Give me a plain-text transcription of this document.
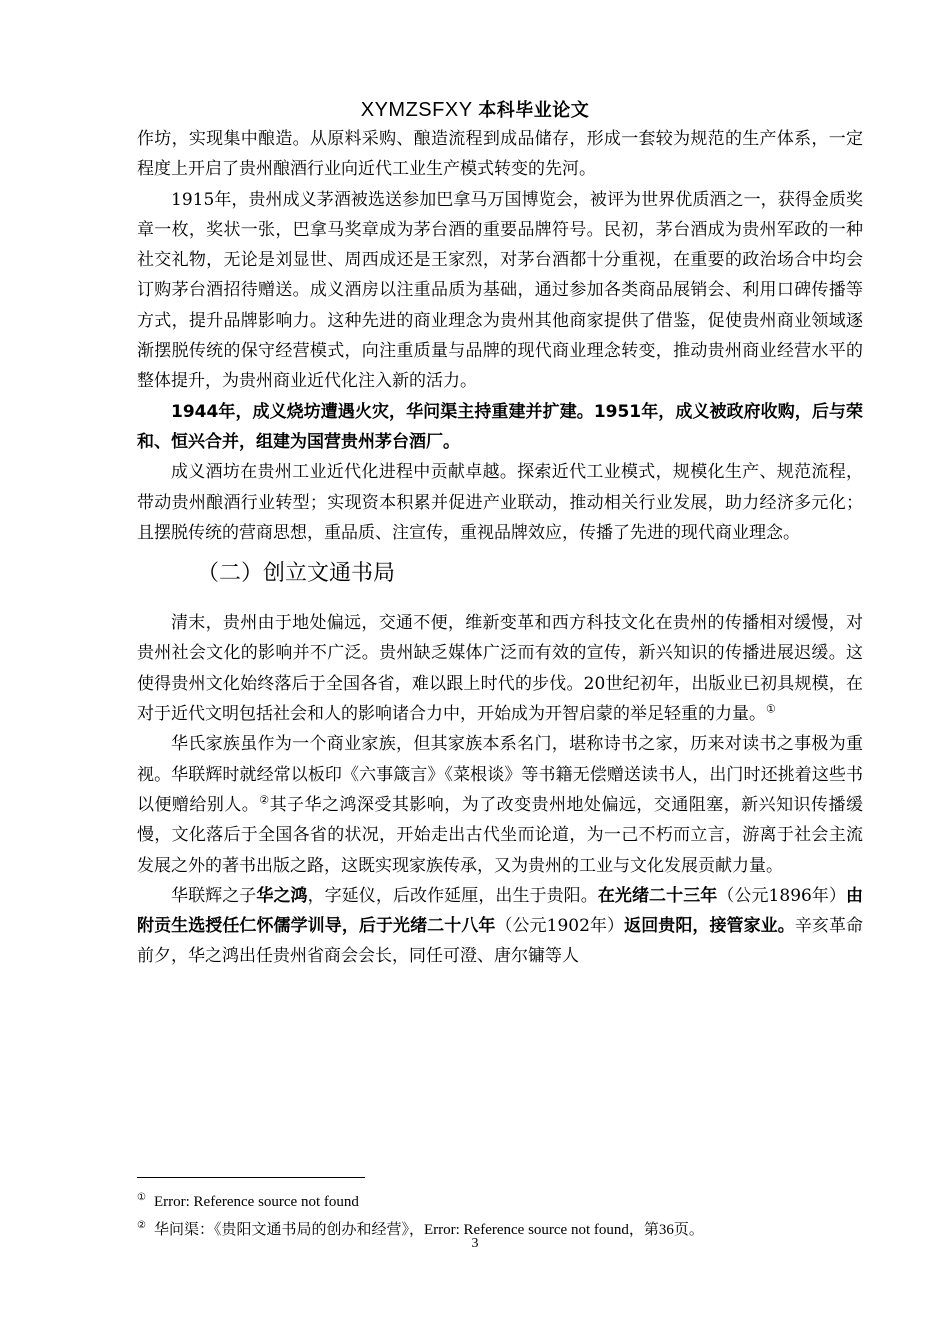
XYMZSFXY 本科毕业论文

作坊，实现集中酿造。从原料采购、酿造流程到成品储存，形成一套较为规范的生产体系，一定程度上开启了贵州酿酒行业向近代工业生产模式转变的先河。

1915年，贵州成义茅酒被选送参加巴拿马万国博览会，被评为世界优质酒之一，获得金质奖章一枚，奖状一张，巴拿马奖章成为茅台酒的重要品牌符号。民初，茅台酒成为贵州军政的一种社交礼物，无论是刘显世、周西成还是王家烈，对茅台酒都十分重视，在重要的政治场合中均会订购茅台酒招待赠送。成义酒房以注重品质为基础，通过参加各类商品展销会、利用口碑传播等方式，提升品牌影响力。这种先进的商业理念为贵州其他商家提供了借鉴，促使贵州商业领域逐渐摆脱传统的保守经营模式，向注重质量与品牌的现代商业理念转变，推动贵州商业经营水平的整体提升，为贵州商业近代化注入新的活力。

1944年，成义烧坊遭遇火灾，华问渠主持重建并扩建。1951年，成义被政府收购，后与荣和、恒兴合并，组建为国营贵州茅台酒厂。

成义酒坊在贵州工业近代化进程中贡献卓越。探索近代工业模式，规模化生产、规范流程，带动贵州酿酒行业转型；实现资本积累并促进产业联动，推动相关行业发展，助力经济多元化；且摆脱传统的营商思想，重品质、注宣传，重视品牌效应，传播了先进的现代商业理念。

（二）创立文通书局

清末，贵州由于地处偏远，交通不便，维新变革和西方科技文化在贵州的传播相对缓慢，对贵州社会文化的影响并不广泛。贵州缺乏媒体广泛而有效的宣传，新兴知识的传播进展迟缓。这使得贵州文化始终落后于全国各省，难以跟上时代的步伐。20世纪初年，出版业已初具规模，在对于近代文明包括社会和人的影响诸合力中，开始成为开智启蒙的举足轻重的力量。①

华氏家族虽作为一个商业家族，但其家族本系名门，堪称诗书之家，历来对读书之事极为重视。华联辉时就经常以板印《六事箴言》《菜根谈》等书籍无偿赠送读书人，出门时还挑着这些书以便赠给别人。②其子华之鸿深受其影响，为了改变贵州地处偏远，交通阻塞，新兴知识传播缓慢，文化落后于全国各省的状况，开始走出古代坐而论道，为一己不朽而立言，游离于社会主流发展之外的著书出版之路，这既实现家族传承，又为贵州的工业与文化发展贡献力量。

华联辉之子华之鸿，字延仪，后改作延厘，出生于贵阳。在光绪二十三年（公元1896年）由附贡生选授任仁怀儒学训导，后于光绪二十八年（公元1902年）返回贵阳，接管家业。辛亥革命前夕，华之鸿出任贵州省商会会长，同任可澄、唐尔镛等人

① Error: Reference source not found
② 华问渠：《贵阳文通书局的创办和经营》，Error: Reference source not found，第36页。
3
